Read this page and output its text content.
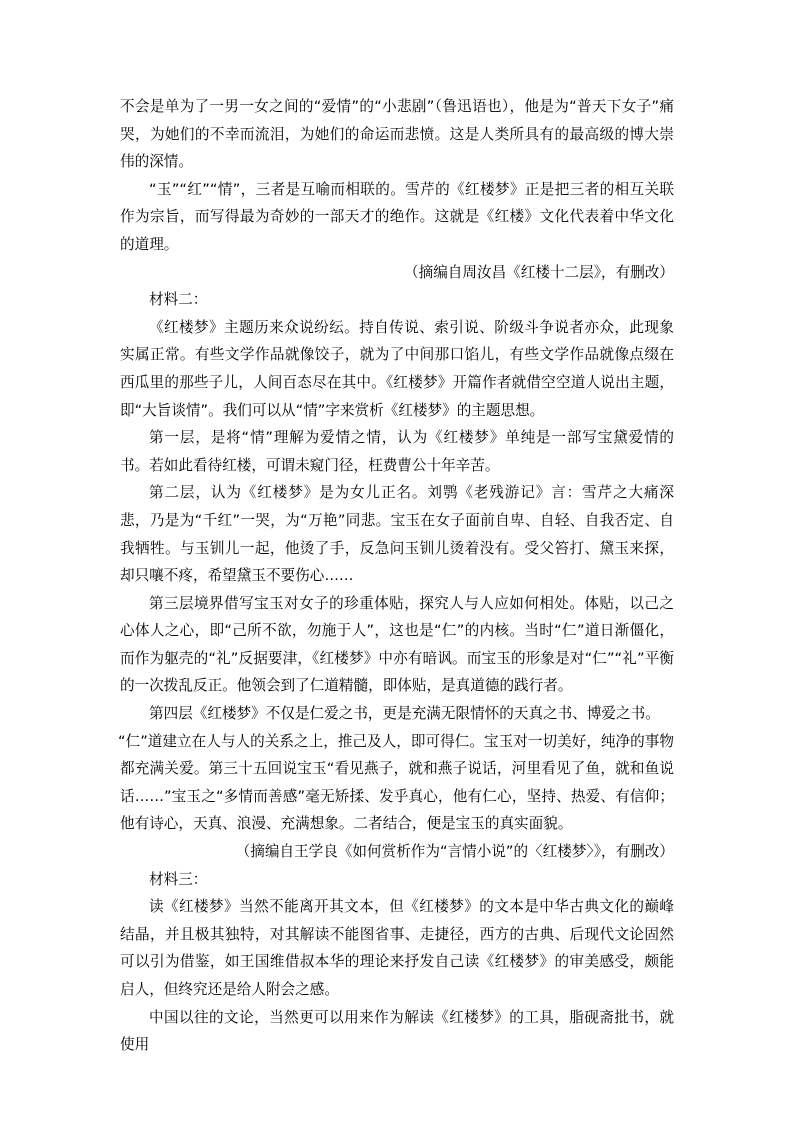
不会是单为了一男一女之间的“爱情”的“小悲剧”（鲁迅语也），他是为“普天下女子”痛哭，为她们的不幸而流泪，为她们的命运而悲愤。这是人类所具有的最高级的博大崇伟的深情。

“玉”“红”“情”，三者是互喻而相联的。雪芹的《红楼梦》正是把三者的相互关联作为宗旨，而写得最为奇妙的一部天才的绝作。这就是《红楼》文化代表着中华文化的道理。

（摘编自周汝昌《红楼十二层》，有删改）

材料二：

《红楼梦》主题历来众说纷纭。持自传说、索引说、阶级斗争说者亦众，此现象实属正常。有些文学作品就像饺子，就为了中间那口馅儿，有些文学作品就像点缀在西瓜里的那些子儿，人间百态尽在其中。《红楼梦》开篇作者就借空空道人说出主题，即“大旨谈情”。我们可以从“情”字来赏析《红楼梦》的主题思想。

第一层，是将“情”理解为爱情之情，认为《红楼梦》单纯是一部写宝黛爱情的书。若如此看待红楼，可谓未窥门径，枉费曹公十年辛苦。

第二层，认为《红楼梦》是为女儿正名。刘鹗《老残游记》言：雪芹之大痛深悲，乃是为“千红”一哭，为“万艳”同悲。宝玉在女子面前自卑、自轻、自我否定、自我牺牲。与玉钏儿一起，他烫了手，反急问玉钏儿烫着没有。受父笞打、黛玉来探，却只嚷不疼，希望黛玉不要伤心……

第三层境界借写宝玉对女子的珍重体贴，探究人与人应如何相处。体贴，以己之心体人之心，即“己所不欲，勿施于人”，这也是“仁”的内核。当时“仁”道日渐僵化，而作为躯壳的“礼”反据要津，《红楼梦》中亦有暗讽。而宝玉的形象是对“仁”“礼”平衡的一次拨乱反正。他领会到了仁道精髓，即体贴，是真道德的践行者。

第四层《红楼梦》不仅是仁爱之书，更是充满无限情怀的天真之书、博爱之书。

“仁”道建立在人与人的关系之上，推己及人，即可得仁。宝玉对一切美好，纯净的事物都充满关爱。第三十五回说宝玉“看见燕子，就和燕子说话，河里看见了鱼，就和鱼说话……”宝玉之“多情而善感”毫无矫揉、发乎真心，他有仁心，坚持、热爱、有信仰；他有诗心，天真、浪漫、充满想象。二者结合，便是宝玉的真实面貌。

（摘编自王学良《如何赏析作为“言情小说”的〈红楼梦〉》，有删改）

材料三：

读《红楼梦》当然不能离开其文本，但《红楼梦》的文本是中华古典文化的巅峰结晶，并且极其独特，对其解读不能图省事、走捷径，西方的古典、后现代文论固然可以引为借鉴，如王国维借叔本华的理论来抒发自己读《红楼梦》的审美感受，颇能启人，但终究还是给人附会之感。

中国以往的文论，当然更可以用来作为解读《红楼梦》的工具，脂砚斋批书，就使用
